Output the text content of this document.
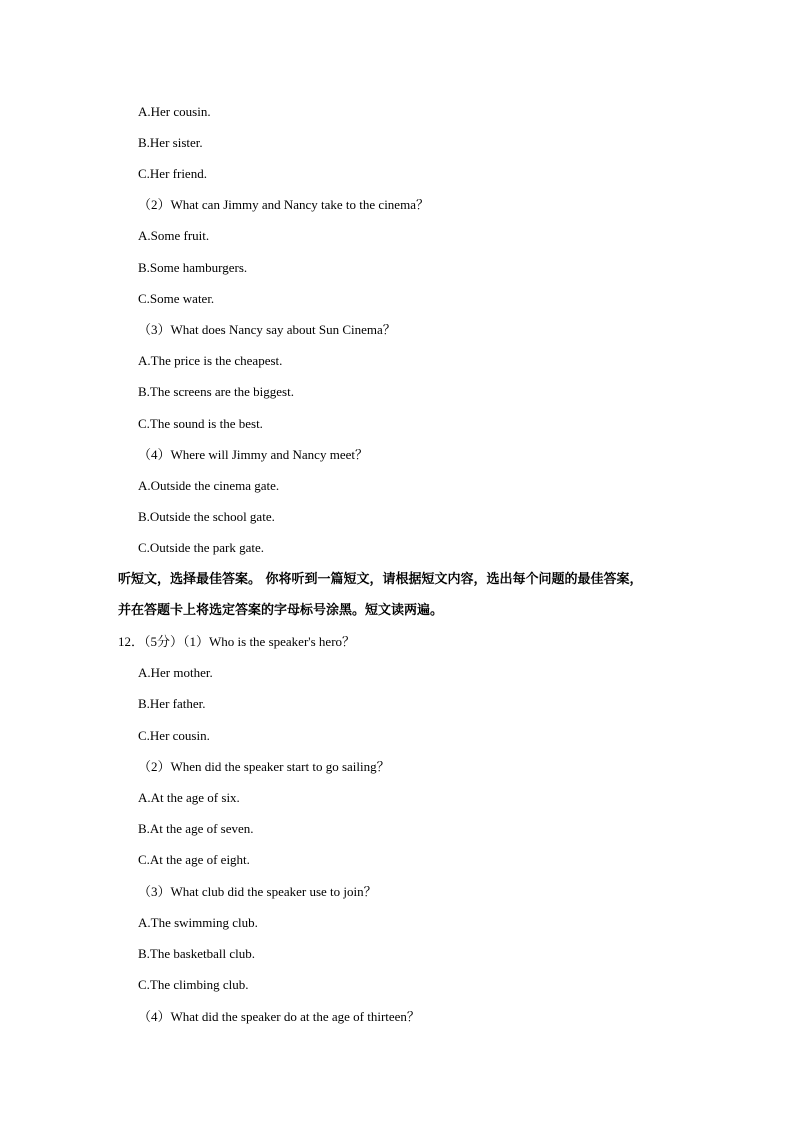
A.Her cousin.
B.Her sister.
C.Her friend.
（2）What can Jimmy and Nancy take to the cinema？
A.Some fruit.
B.Some hamburgers.
C.Some water.
（3）What does Nancy say about Sun Cinema？
A.The price is the cheapest.
B.The screens are the biggest.
C.The sound is the best.
（4）Where will Jimmy and Nancy meet？
A.Outside the cinema gate.
B.Outside the school gate.
C.Outside the park gate.
听短文，选择最佳答案。 你将听到一篇短文，请根据短文内容，选出每个问题的最佳答案，
并在答题卡上将选定答案的字母标号涂黑。短文读两遍。
12．（5分）（1）Who is the speaker's hero？
A.Her mother.
B.Her father.
C.Her cousin.
（2）When did the speaker start to go sailing？
A.At the age of six.
B.At the age of seven.
C.At the age of eight.
（3）What club did the speaker use to join？
A.The swimming club.
B.The basketball club.
C.The climbing club.
（4）What did the speaker do at the age of thirteen？
